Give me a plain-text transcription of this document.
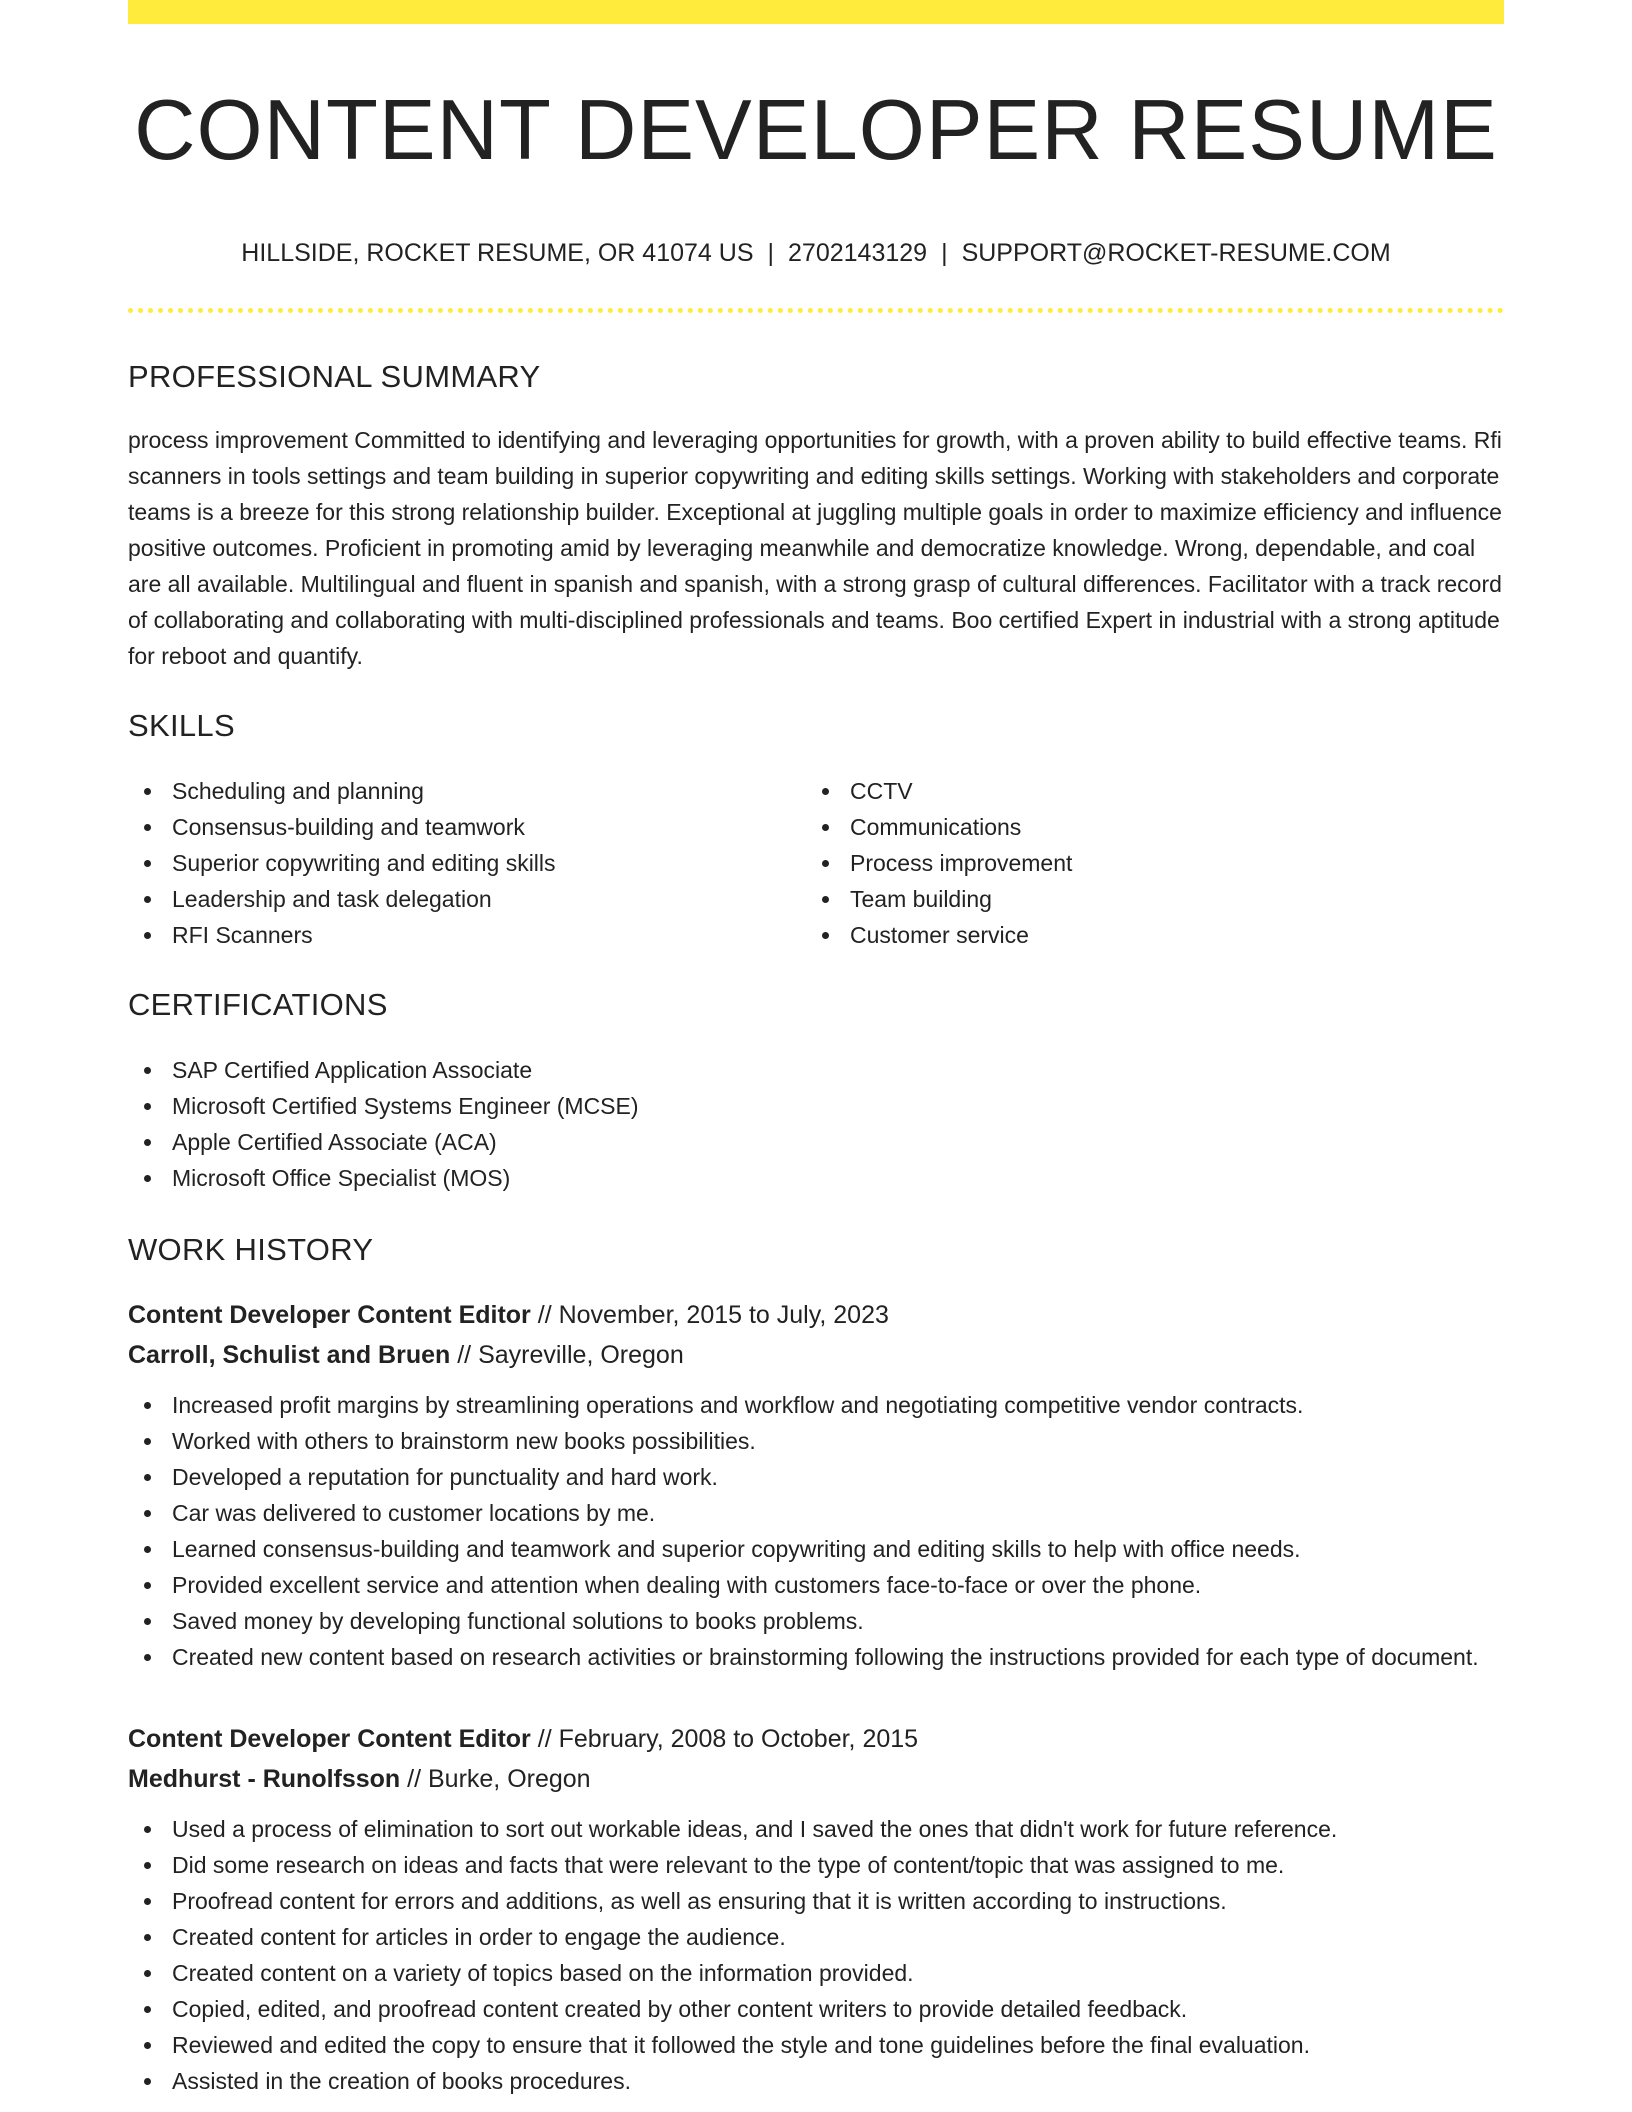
CONTENT DEVELOPER RESUME
HILLSIDE, ROCKET RESUME, OR 41074 US | 2702143129 | SUPPORT@ROCKET-RESUME.COM
PROFESSIONAL SUMMARY

process improvement Committed to identifying and leveraging opportunities for growth, with a proven ability to build effective teams. Rfi scanners in tools settings and team building in superior copywriting and editing skills settings. Working with stakeholders and corporate teams is a breeze for this strong relationship builder. Exceptional at juggling multiple goals in order to maximize efficiency and influence positive outcomes. Proficient in promoting amid by leveraging meanwhile and democratize knowledge. Wrong, dependable, and coal are all available. Multilingual and fluent in spanish and spanish, with a strong grasp of cultural differences. Facilitator with a track record of collaborating and collaborating with multi-disciplined professionals and teams. Boo certified Expert in industrial with a strong aptitude for reboot and quantify.

SKILLS
Scheduling and planning
Consensus-building and teamwork
Superior copywriting and editing skills
Leadership and task delegation
RFI Scanners
CCTV
Communications
Process improvement
Team building
Customer service
CERTIFICATIONS
SAP Certified Application Associate
Microsoft Certified Systems Engineer (MCSE)
Apple Certified Associate (ACA)
Microsoft Office Specialist (MOS)
WORK HISTORY
Content Developer Content Editor // November, 2015 to July, 2023
Carroll, Schulist and Bruen // Sayreville, Oregon
Increased profit margins by streamlining operations and workflow and negotiating competitive vendor contracts.
Worked with others to brainstorm new books possibilities.
Developed a reputation for punctuality and hard work.
Car was delivered to customer locations by me.
Learned consensus-building and teamwork and superior copywriting and editing skills to help with office needs.
Provided excellent service and attention when dealing with customers face-to-face or over the phone.
Saved money by developing functional solutions to books problems.
Created new content based on research activities or brainstorming following the instructions provided for each type of document.
Content Developer Content Editor // February, 2008 to October, 2015
Medhurst - Runolfsson // Burke, Oregon
Used a process of elimination to sort out workable ideas, and I saved the ones that didn't work for future reference.
Did some research on ideas and facts that were relevant to the type of content/topic that was assigned to me.
Proofread content for errors and additions, as well as ensuring that it is written according to instructions.
Created content for articles in order to engage the audience.
Created content on a variety of topics based on the information provided.
Copied, edited, and proofread content created by other content writers to provide detailed feedback.
Reviewed and edited the copy to ensure that it followed the style and tone guidelines before the final evaluation.
Assisted in the creation of books procedures.
